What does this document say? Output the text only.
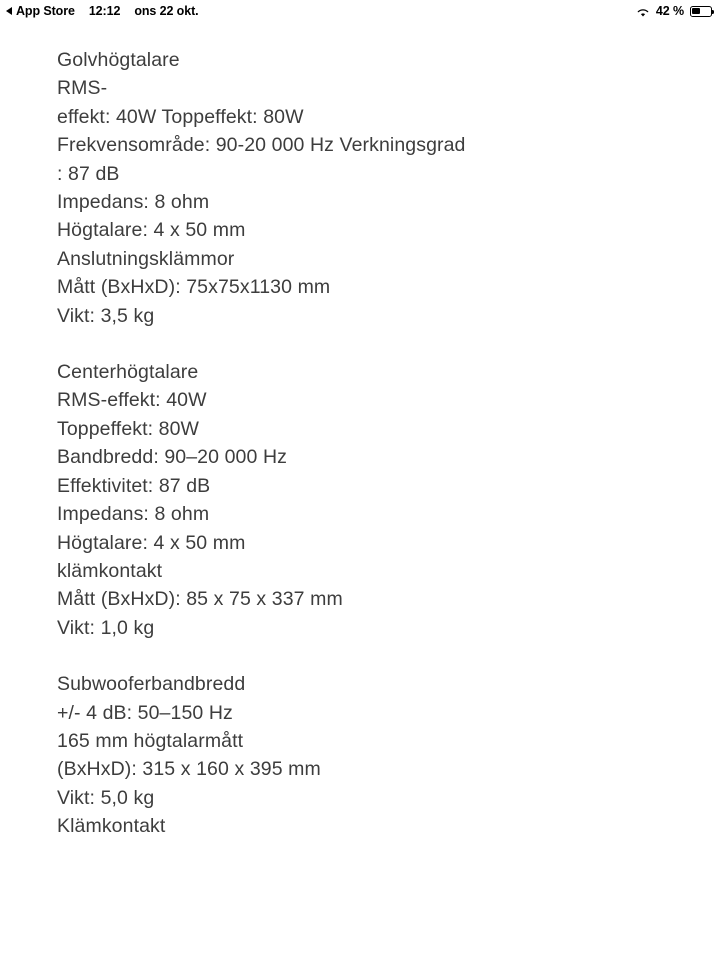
App Store 12:12 ons 22 okt.	42 %
Golvhögtalare
RMS-
effekt: 40W Toppeffekt: 80W
Frekvensområde: 90-20 000 Hz Verkningsgrad
: 87 dB
Impedans: 8 ohm
Högtalare: 4 x 50 mm
Anslutningsklämmor
Mått (BxHxD): 75x75x1130 mm
Vikt: 3,5 kg
Centerhögtalare
RMS-effekt: 40W
Toppeffekt: 80W
Bandbredd: 90–20 000 Hz
Effektivitet: 87 dB
Impedans: 8 ohm
Högtalare: 4 x 50 mm
klämkontakt
Mått (BxHxD): 85 x 75 x 337 mm
Vikt: 1,0 kg
Subwooferbandbredd
+/- 4 dB: 50–150 Hz
165 mm högtalarmått
(BxHxD): 315 x 160 x 395 mm
Vikt: 5,0 kg
Klämkontakt
